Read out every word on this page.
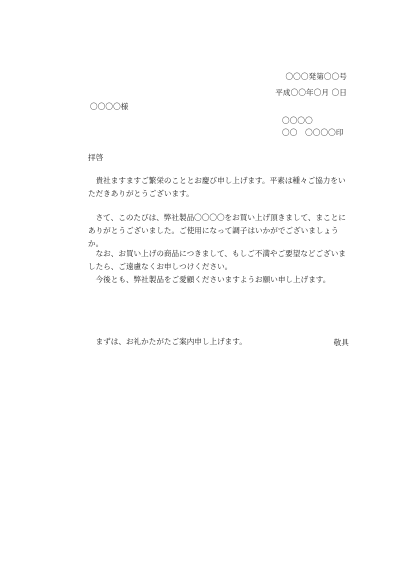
〇〇〇発第〇〇号
平成〇〇年〇月 〇日
〇〇〇〇様
〇〇〇〇
〇〇　〇〇〇〇印
拝啓
　貴社ますますご繁栄のこととお慶び申し上げます。平素は種々ご協力をいただきありがとうございます。
　さて、このたびは、弊社製品〇〇〇〇をお買い上げ頂きまして、まことにありがとうございました。ご使用になって調子はいかがでございましょうか。
　なお、お買い上げの商品につきまして、もしご不満やご要望などございましたら、ご遠慮なくお申しつけください。
　今後とも、弊社製品をご愛顧くださいますようお願い申し上げます。
　まずは、お礼かたがたご案内申し上げます。	敬具
